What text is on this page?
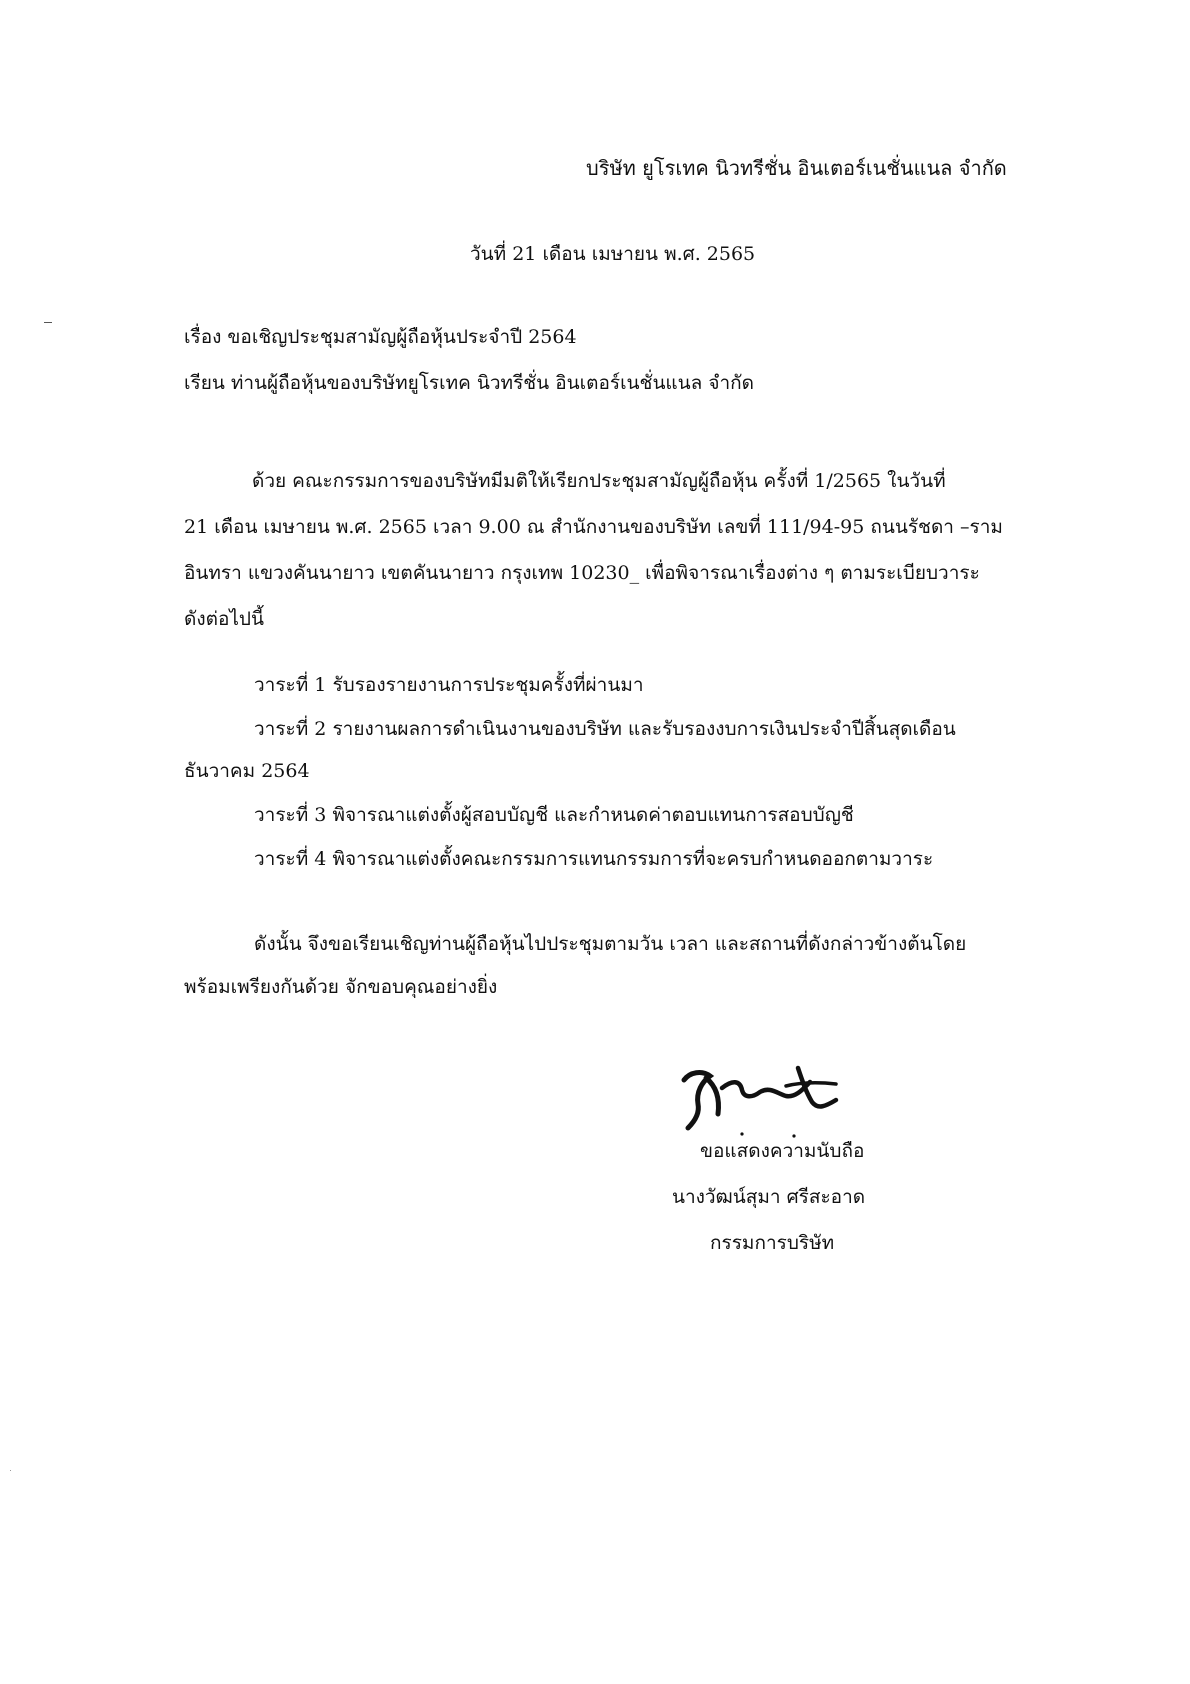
บริษัท ยูโรเทค นิวทรีชั่น อินเตอร์เนชั่นแนล จำกัด
วันที่ 21 เดือน เมษายน พ.ศ. 2565
เรื่อง ขอเชิญประชุมสามัญผู้ถือหุ้นประจำปี 2564
เรียน ท่านผู้ถือหุ้นของบริษัทยูโรเทค นิวทรีชั่น อินเตอร์เนชั่นแนล จำกัด
ด้วย คณะกรรมการของบริษัทมีมติให้เรียกประชุมสามัญผู้ถือหุ้น ครั้งที่ 1/2565 ในวันที่
21 เดือน เมษายน พ.ศ. 2565 เวลา 9.00 ณ สำนักงานของบริษัท เลขที่ 111/94-95 ถนนรัชดา –ราม
อินทรา แขวงคันนายาว เขตคันนายาว กรุงเทพ 10230_ เพื่อพิจารณาเรื่องต่าง ๆ ตามระเบียบวาระ
ดังต่อไปนี้
วาระที่ 1 รับรองรายงานการประชุมครั้งที่ผ่านมา
วาระที่ 2 รายงานผลการดำเนินงานของบริษัท และรับรองงบการเงินประจำปีสิ้นสุดเดือน
ธันวาคม 2564
วาระที่ 3 พิจารณาแต่งตั้งผู้สอบบัญชี และกำหนดค่าตอบแทนการสอบบัญชี
วาระที่ 4 พิจารณาแต่งตั้งคณะกรรมการแทนกรรมการที่จะครบกำหนดออกตามวาระ
ดังนั้น จึงขอเรียนเชิญท่านผู้ถือหุ้นไปประชุมตามวัน เวลา และสถานที่ดังกล่าวข้างต้นโดย
พร้อมเพรียงกันด้วย จักขอบคุณอย่างยิ่ง
ขอแสดงความนับถือ
นางวัฒน์สุมา ศรีสะอาด
กรรมการบริษัท
